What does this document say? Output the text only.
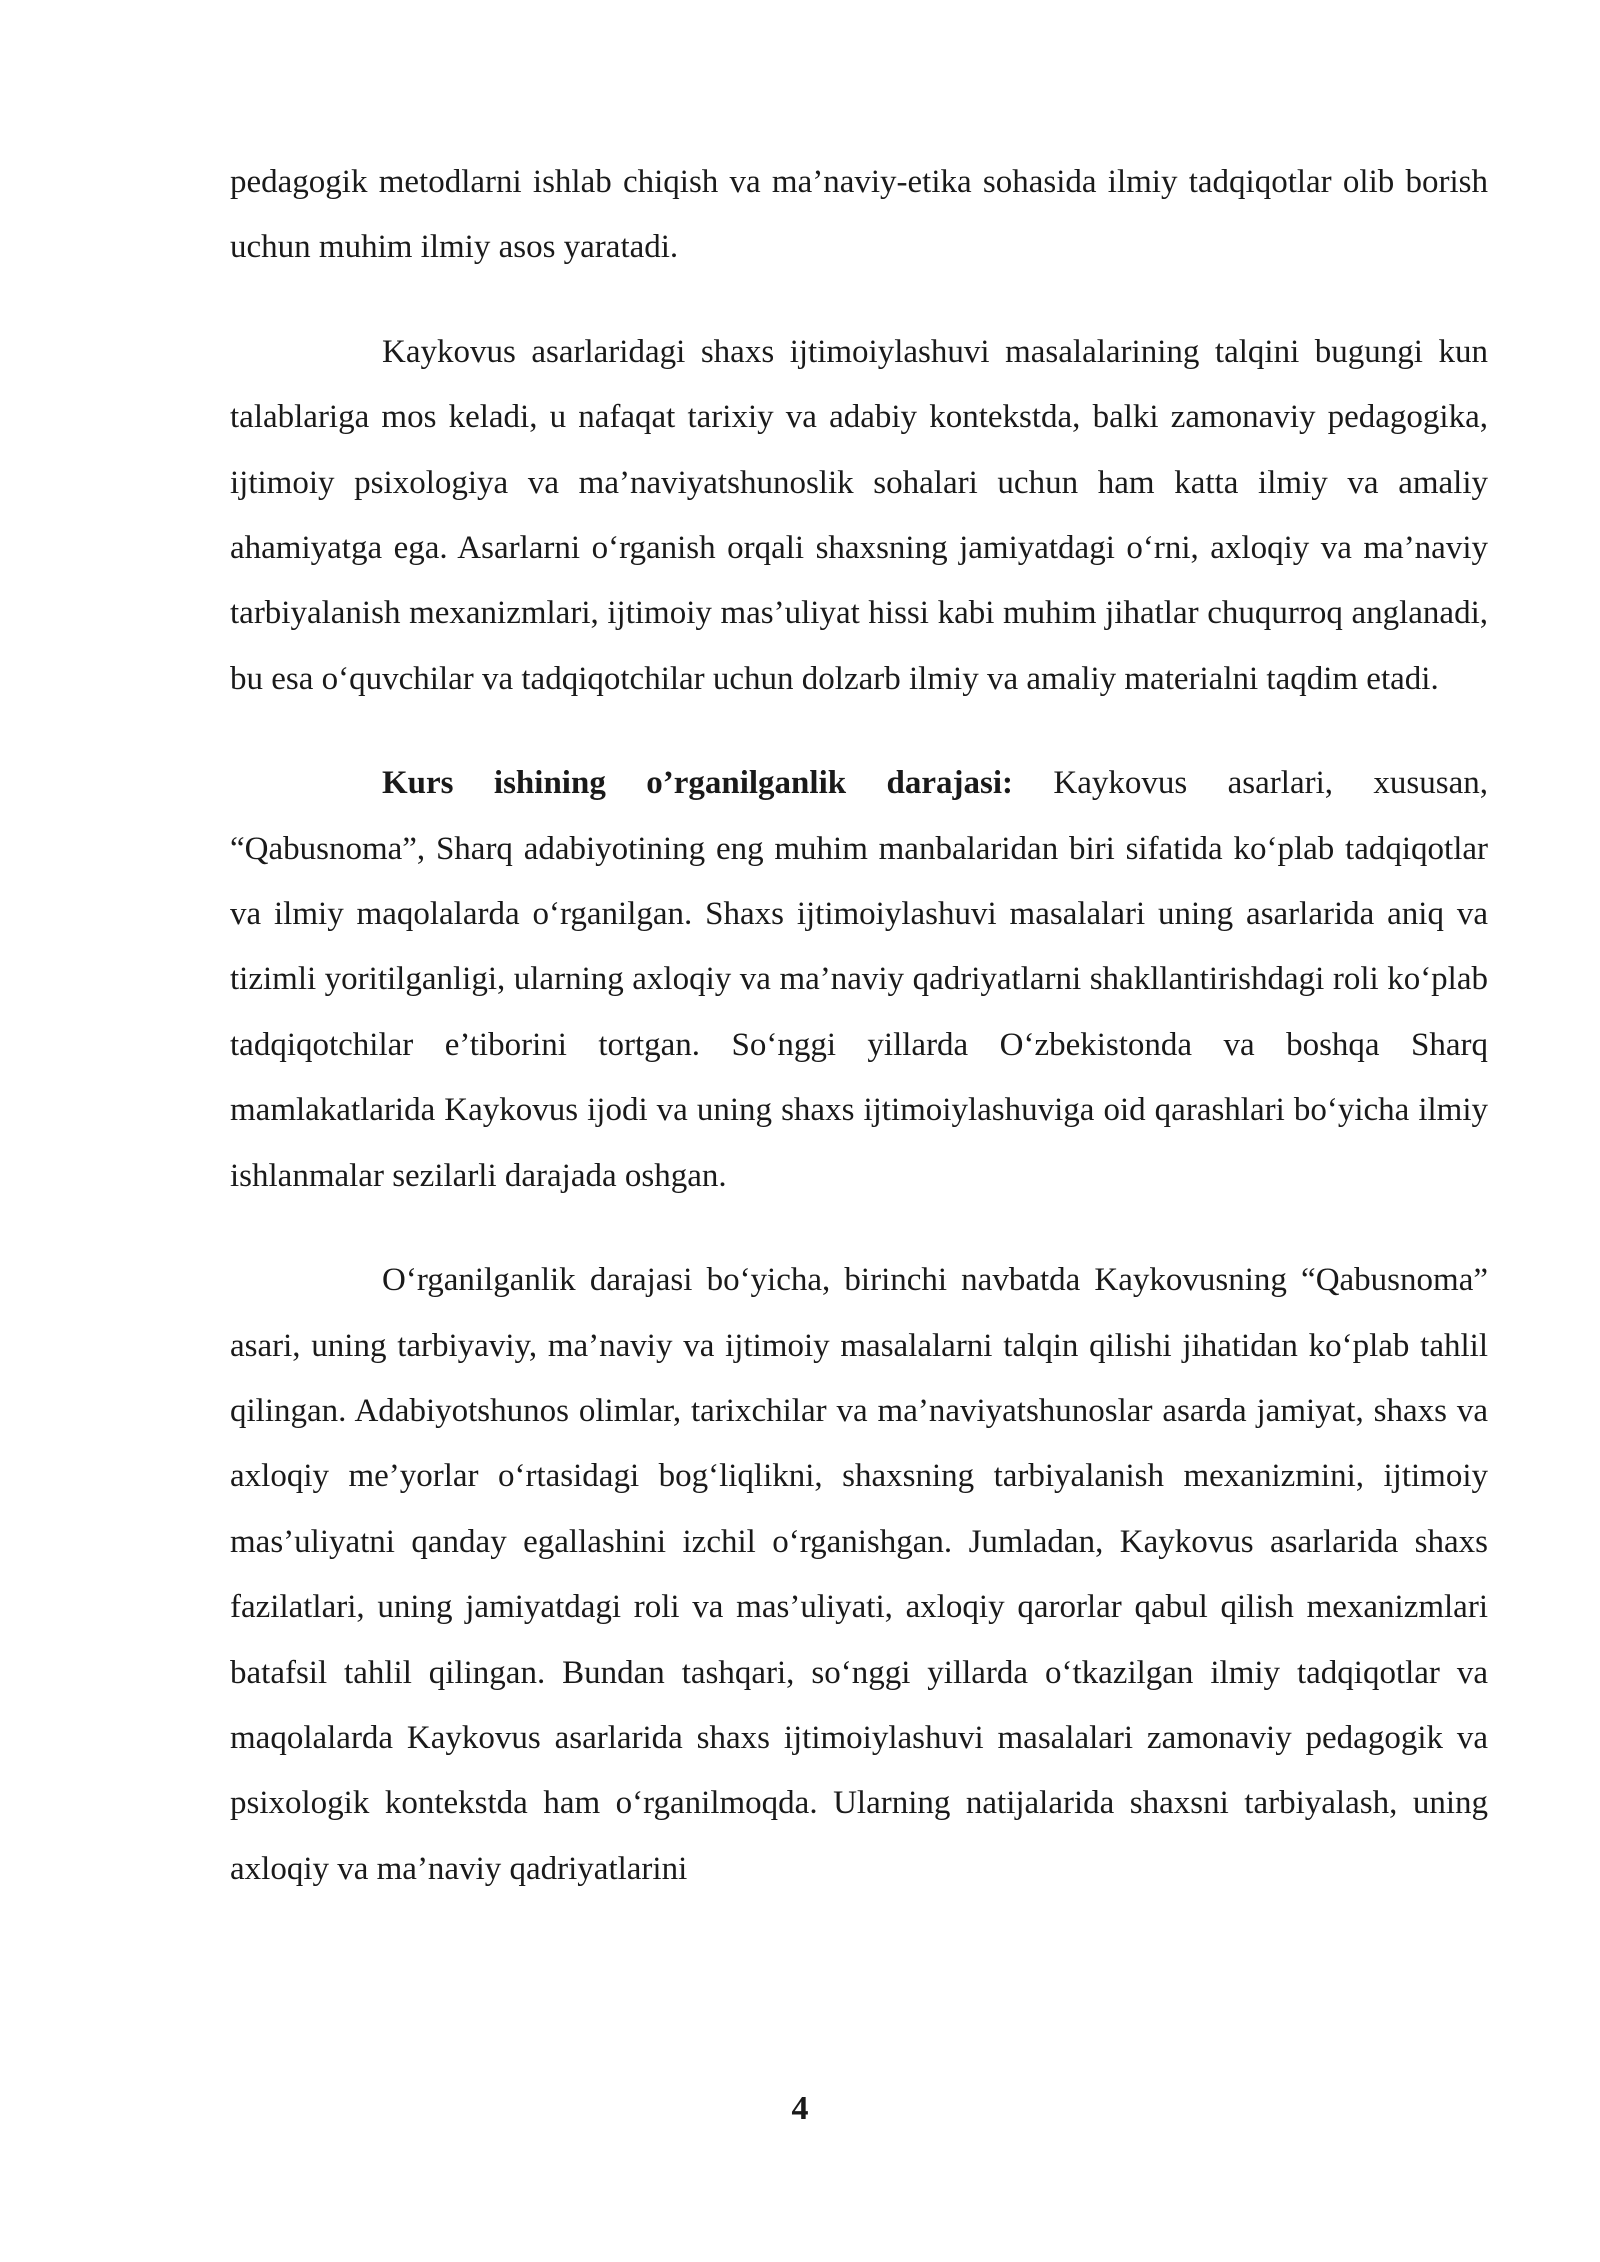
pedagogik metodlarni ishlab chiqish va ma’naviy-etika sohasida ilmiy tadqiqotlar olib borish uchun muhim ilmiy asos yaratadi.

Kaykovus asarlaridagi shaxs ijtimoiylashuvi masalalarining talqini bugungi kun talablariga mos keladi, u nafaqat tarixiy va adabiy kontekstda, balki zamonaviy pedagogika, ijtimoiy psixologiya va ma’naviyatshunoslik sohalari uchun ham katta ilmiy va amaliy ahamiyatga ega. Asarlarni o‘rganish orqali shaxsning jamiyatdagi o‘rni, axloqiy va ma’naviy tarbiyalanish mexanizmlari, ijtimoiy mas’uliyat hissi kabi muhim jihatlar chuqurroq anglanadi, bu esa o‘quvchilar va tadqiqotchilar uchun dolzarb ilmiy va amaliy materialni taqdim etadi.

Kurs ishining o’rganilganlik darajasi: Kaykovus asarlari, xususan, “Qabusnoma”, Sharq adabiyotining eng muhim manbalaridan biri sifatida ko‘plab tadqiqotlar va ilmiy maqolalarda o‘rganilgan. Shaxs ijtimoiylashuvi masalalari uning asarlarida aniq va tizimli yoritilganligi, ularning axloqiy va ma’naviy qadriyatlarni shakllantirishdagi roli ko‘plab tadqiqotchilar e’tiborini tortgan. So‘nggi yillarda O‘zbekistonda va boshqa Sharq mamlakatlarida Kaykovus ijodi va uning shaxs ijtimoiylashuviga oid qarashlari bo‘yicha ilmiy ishlanmalar sezilarli darajada oshgan.

O‘rganilganlik darajasi bo‘yicha, birinchi navbatda Kaykovusning “Qabusnoma” asari, uning tarbiyaviy, ma’naviy va ijtimoiy masalalarni talqin qilishi jihatidan ko‘plab tahlil qilingan. Adabiyotshunos olimlar, tarixchilar va ma’naviyatshunoslar asarda jamiyat, shaxs va axloqiy me’yorlar o‘rtasidagi bog‘liqlikni, shaxsning tarbiyalanish mexanizmini, ijtimoiy mas’uliyatni qanday egallashini izchil o‘rganishgan. Jumladan, Kaykovus asarlarida shaxs fazilatlari, uning jamiyatdagi roli va mas’uliyati, axloqiy qarorlar qabul qilish mexanizmlari batafsil tahlil qilingan. Bundan tashqari, so‘nggi yillarda o‘tkazilgan ilmiy tadqiqotlar va maqolalarda Kaykovus asarlarida shaxs ijtimoiylashuvi masalalari zamonaviy pedagogik va psixologik kontekstda ham o‘rganilmoqda. Ularning natijalarida shaxsni tarbiyalash, uning axloqiy va ma’naviy qadriyatlarini

4
